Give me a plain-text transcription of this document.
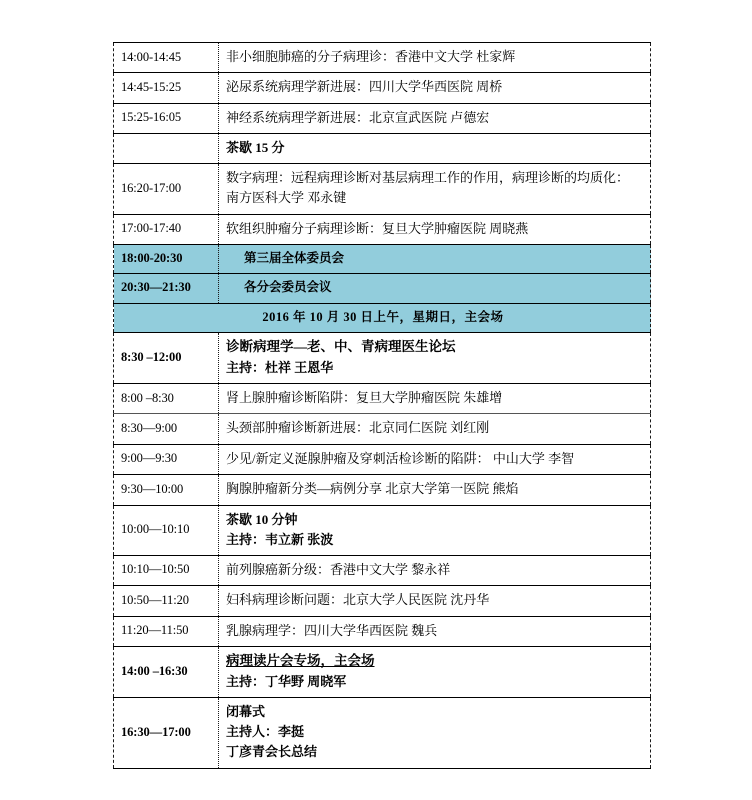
14:00-14:45	非小细胞肺癌的分子病理诊：香港中文大学 杜家辉
14:45-15:25	泌尿系统病理学新进展：四川大学华西医院 周桥
15:25-16:05	神经系统病理学新进展：北京宣武医院 卢德宏

	茶歇 15 分

16:20-17:00	数字病理：远程病理诊断对基层病理工作的作用，病理诊断的均质化：
南方医科大学 邓永键

17:00-17:40	软组织肿瘤分子病理诊断：复旦大学肿瘤医院 周晓燕
18:00-20:30	第三届全体委员会
20:30—21:30	各分会委员会议
2016 年 10 月 30 日上午，星期日，主会场	
8:30 –12:00	诊断病理学—老、中、青病理医生论坛
主持：杜祥 王恩华

8:00 –8:30	肾上腺肿瘤诊断陷阱：复旦大学肿瘤医院 朱雄增
8:30—9:00	头颈部肿瘤诊断新进展：北京同仁医院 刘红刚
9:00—9:30	少见/新定义涎腺肿瘤及穿刺活检诊断的陷阱： 中山大学 李智
9:30—10:00	胸腺肿瘤新分类—病例分享 北京大学第一医院 熊焰
10:00—10:10	茶歇 10 分钟
主持：韦立新 张波

10:10—10:50	前列腺癌新分级：香港中文大学 黎永祥
10:50—11:20	妇科病理诊断问题：北京大学人民医院 沈丹华
11:20—11:50	乳腺病理学：四川大学华西医院 魏兵
14:00 –16:30	病理读片会专场，主会场
主持：丁华野 周晓军

16:30—17:00	闭幕式
主持人：李挺
丁彦青会长总结
